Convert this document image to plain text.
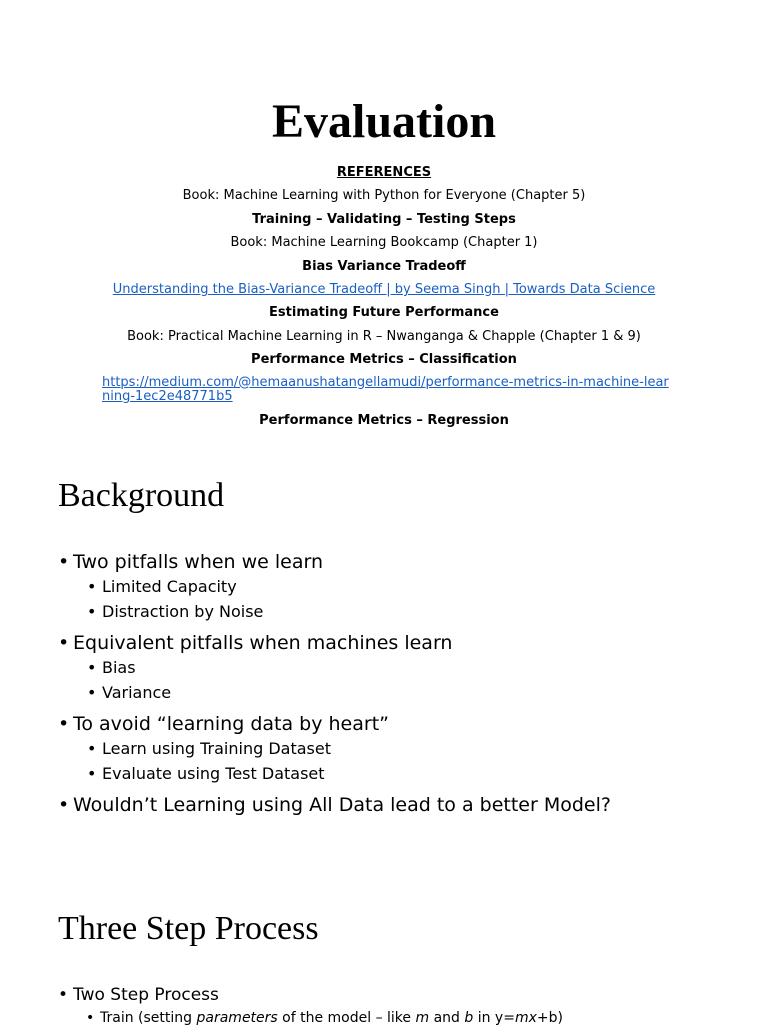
Evaluation
REFERENCES
Book: Machine Learning with Python for Everyone (Chapter 5)
Training – Validating – Testing Steps
Book: Machine Learning Bookcamp (Chapter 1)
Bias Variance Tradeoff
Understanding the Bias-Variance Tradeoff | by Seema Singh | Towards Data Science
Estimating Future Performance
Book: Practical Machine Learning in R – Nwanganga & Chapple (Chapter 1 & 9)
Performance Metrics – Classification
https://medium.com/@hemaanushatangellamudi/performance-metrics-in-machine-learning-1ec2e48771b5
Performance Metrics – Regression
Background
• Two pitfalls when we learn
• Limited Capacity
• Distraction by Noise
• Equivalent pitfalls when machines learn
• Bias
• Variance
• To avoid “learning data by heart”
• Learn using Training Dataset
• Evaluate using Test Dataset
• Wouldn’t Learning using All Data lead to a better Model?
Three Step Process
• Two Step Process
• Train (setting parameters of the model – like m and b in y=mx+b)
